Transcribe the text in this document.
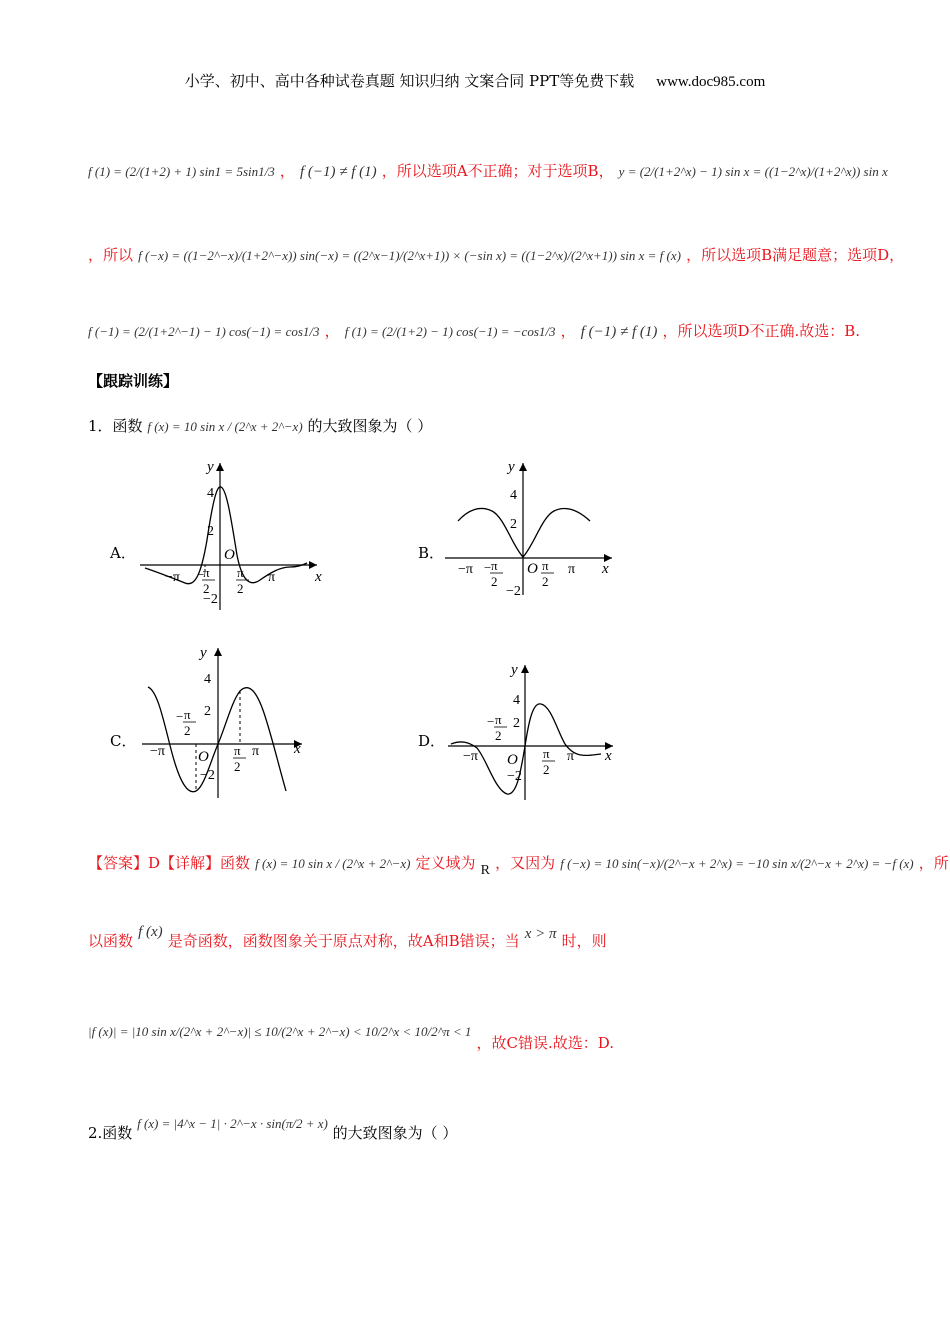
小学、初中、高中各种试卷真题 知识归纳 文案合同 PPT等免费下载 www.doc985.com
f (1) = (2/(1+2) + 1) sin1 = 5sin1/3 ， f (−1) ≠ f (1) ，所以选项A不正确；对于选项B， y = (2/(1+2^x) − 1) sin x = ((1−2^x)/(1+2^x)) sin x
，所以 f (−x) = ((1−2^−x)/(1+2^−x)) sin(−x) = ((2^x−1)/(2^x+1)) × (−sin x) = ((1−2^x)/(2^x+1)) sin x = f (x) ，所以选项B满足题意；选项D，
f (−1) = (2/(1+2^−1) − 1) cos(−1) = cos1/3 ， f (1) = (2/(1+2) − 1) cos(−1) = −cos1/3 ， f (−1) ≠ f (1) ，所以选项D不正确.故选：B.
【跟踪训练】
1．函数 f (x) = 10 sin x / (2^x + 2^−x) 的大致图象为（ ）
A．	B．
C．	D．
x
y
O
4
2
−2
−π −
π
2
π
2
π
x
y
O
4
2
−2
−π − π
2
π
2
π
x
y
O
4
2
−2
−π
− π
2
π
2
π	x
y
O
4
2
−2
−π
− π
2
π
2
π
【答案】D【详解】函数 f (x) = 10 sin x / (2^x + 2^−x) 定义域为 R ，又因为 f (−x) = 10 sin(−x)/(2^−x + 2^x) = −10 sin x/(2^−x + 2^x) = −f (x) ，所
以函数 f (x) 是奇函数，函数图象关于原点对称，故A和B错误；当 x > π 时，则
|f (x)| = |10 sin x/(2^x + 2^−x)| ≤ 10/(2^x + 2^−x) < 10/2^x < 10/2^π < 1 ，故C错误.故选：D.
2.函数 f (x) = |4^x − 1| · 2^−x · sin(π/2 + x) 的大致图象为（ ）
